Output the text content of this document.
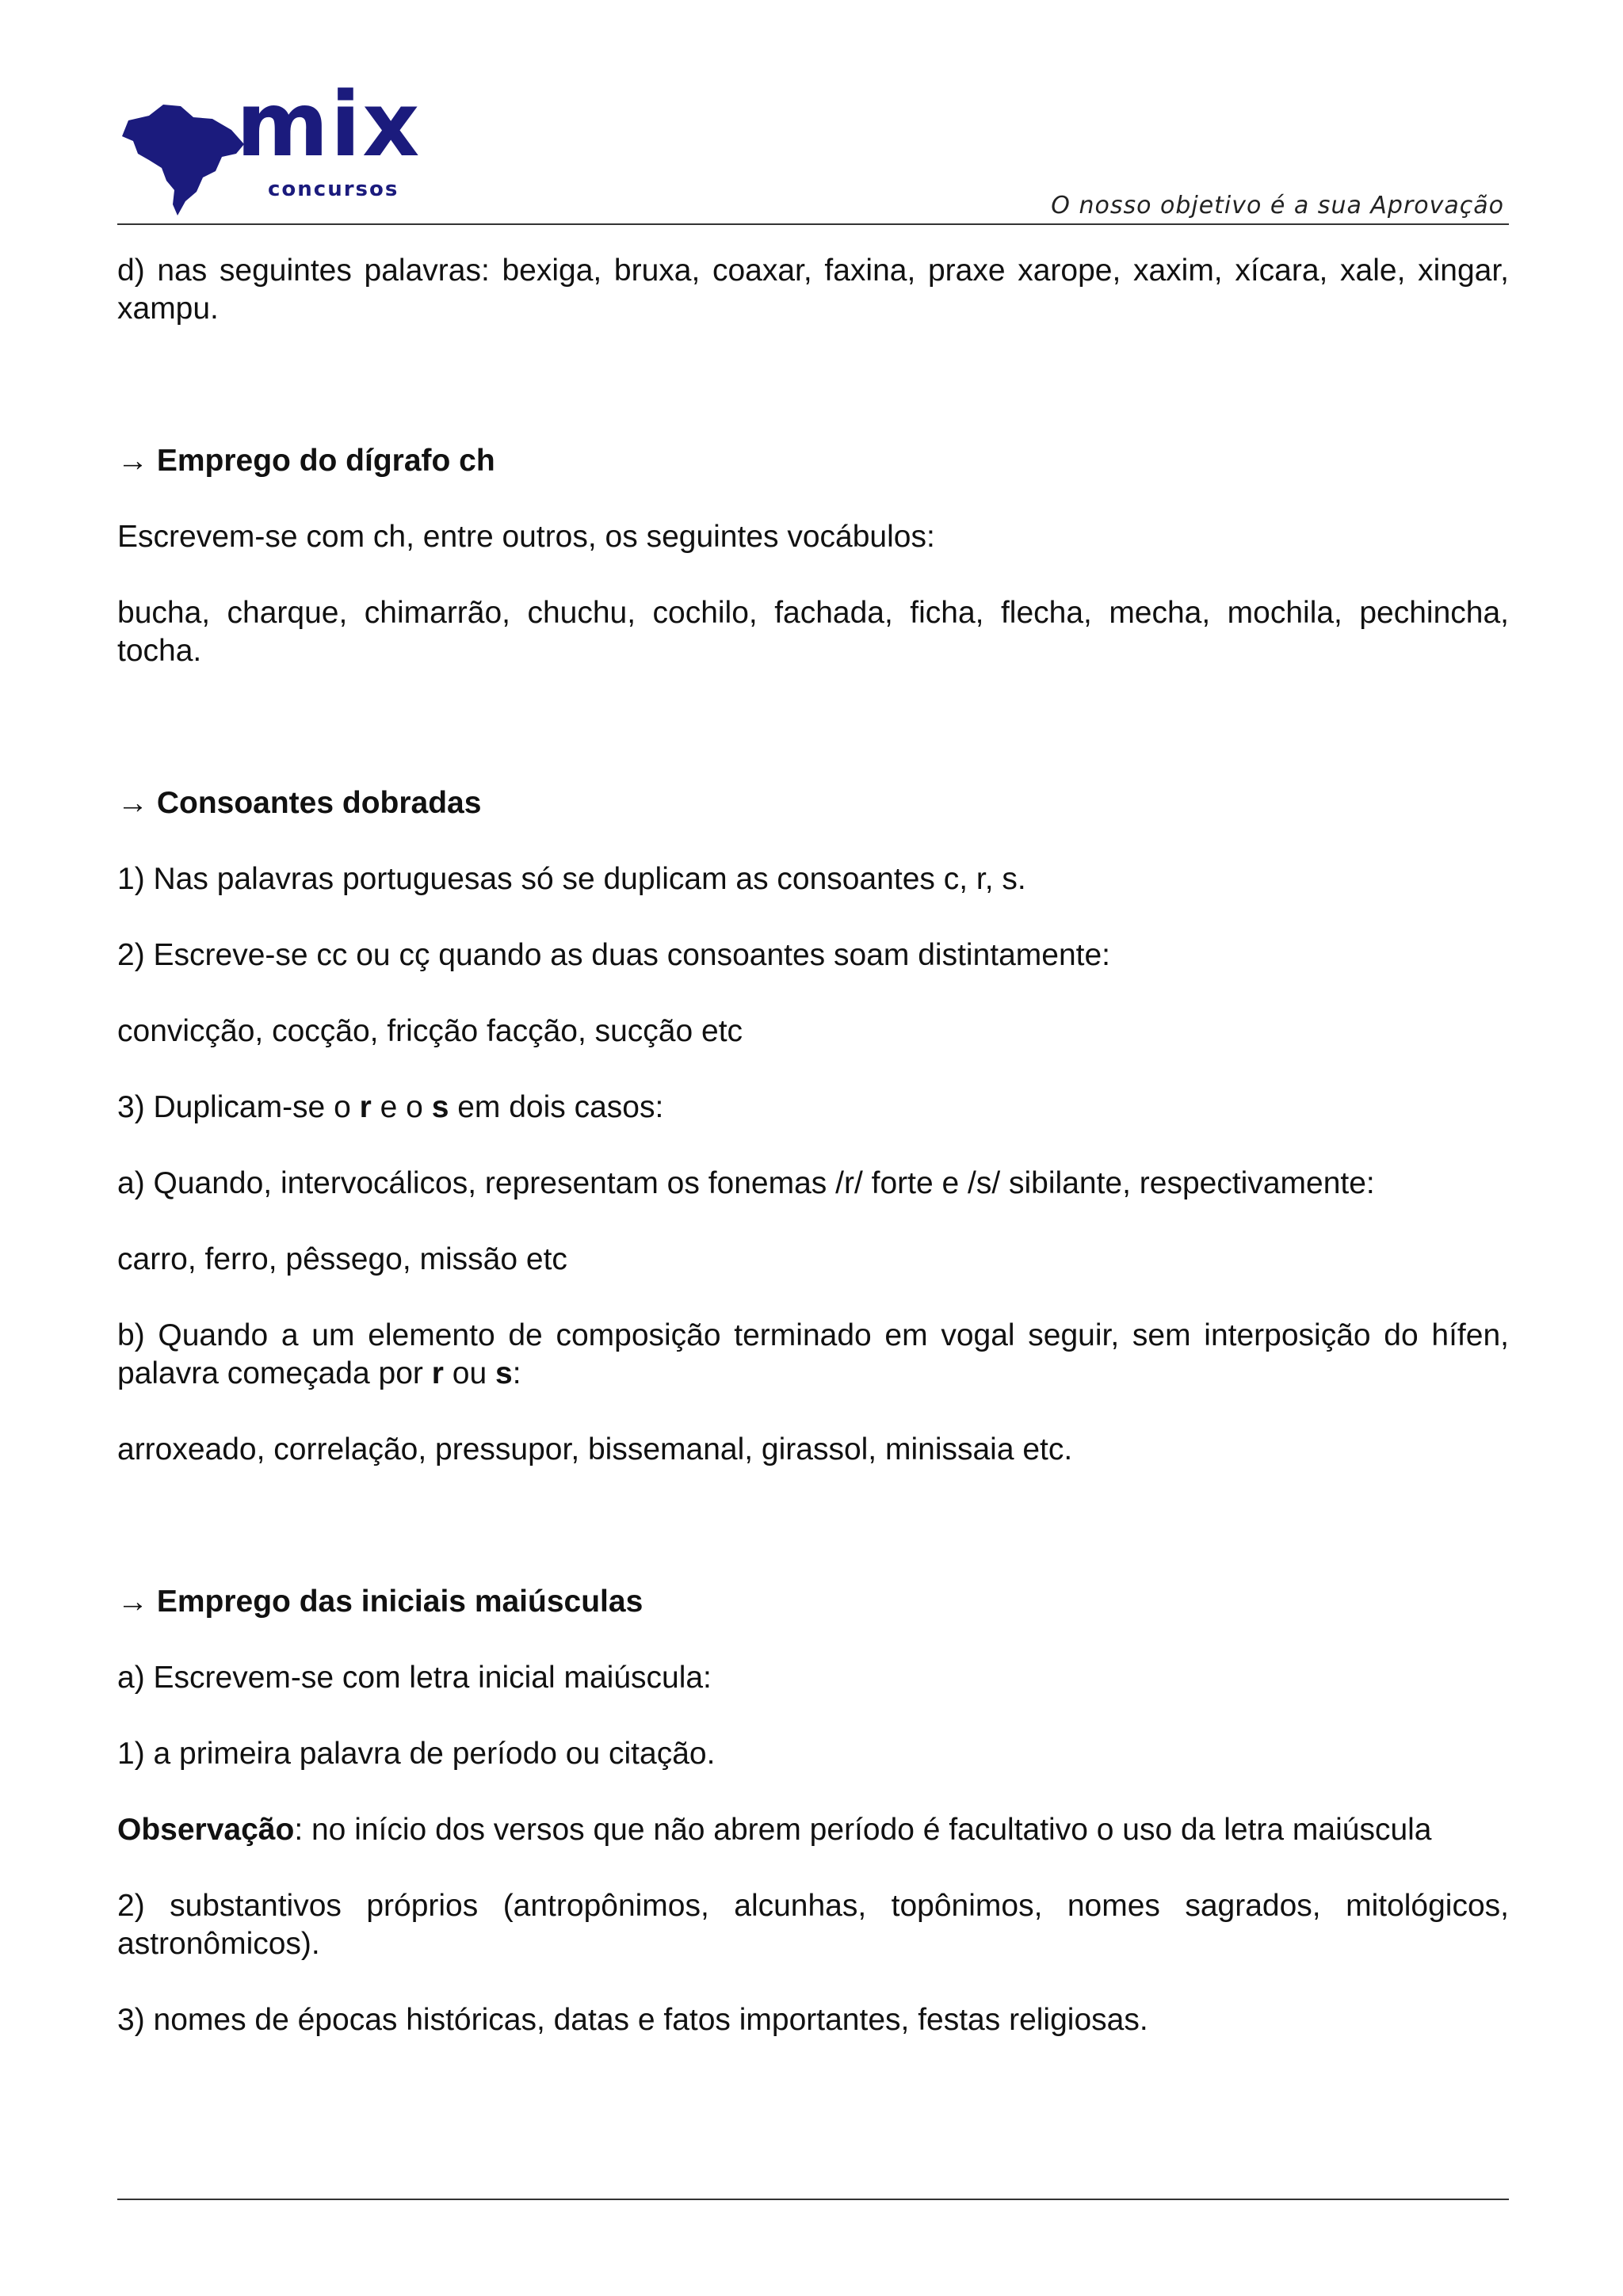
mix
concursos
O nosso objetivo é a sua Aprovação

d) nas seguintes palavras: bexiga, bruxa, coaxar, faxina, praxe xarope, xaxim, xícara, xale, xingar, xampu.

→ Emprego do dígrafo ch

Escrevem-se com ch, entre outros, os seguintes vocábulos:

bucha, charque, chimarrão, chuchu, cochilo, fachada, ficha, flecha, mecha, mochila, pechincha, tocha.

→ Consoantes dobradas

1) Nas palavras portuguesas só se duplicam as consoantes c, r, s.

2) Escreve-se cc ou cç quando as duas consoantes soam distintamente:

convicção, cocção, fricção facção, sucção etc

3) Duplicam-se o r e o s em dois casos:

a) Quando, intervocálicos, representam os fonemas /r/ forte e /s/ sibilante, respectivamente:

carro, ferro, pêssego, missão etc

b) Quando a um elemento de composição terminado em vogal seguir, sem interposição do hífen, palavra começada por r ou s:

arroxeado, correlação, pressupor, bissemanal, girassol, minissaia etc.

→ Emprego das iniciais maiúsculas

a) Escrevem-se com letra inicial maiúscula:

1) a primeira palavra de período ou citação.

Observação: no início dos versos que não abrem período é facultativo o uso da letra maiúscula

2) substantivos próprios (antropônimos, alcunhas, topônimos, nomes sagrados, mitológicos, astronômicos).

3) nomes de épocas históricas, datas e fatos importantes, festas religiosas.
